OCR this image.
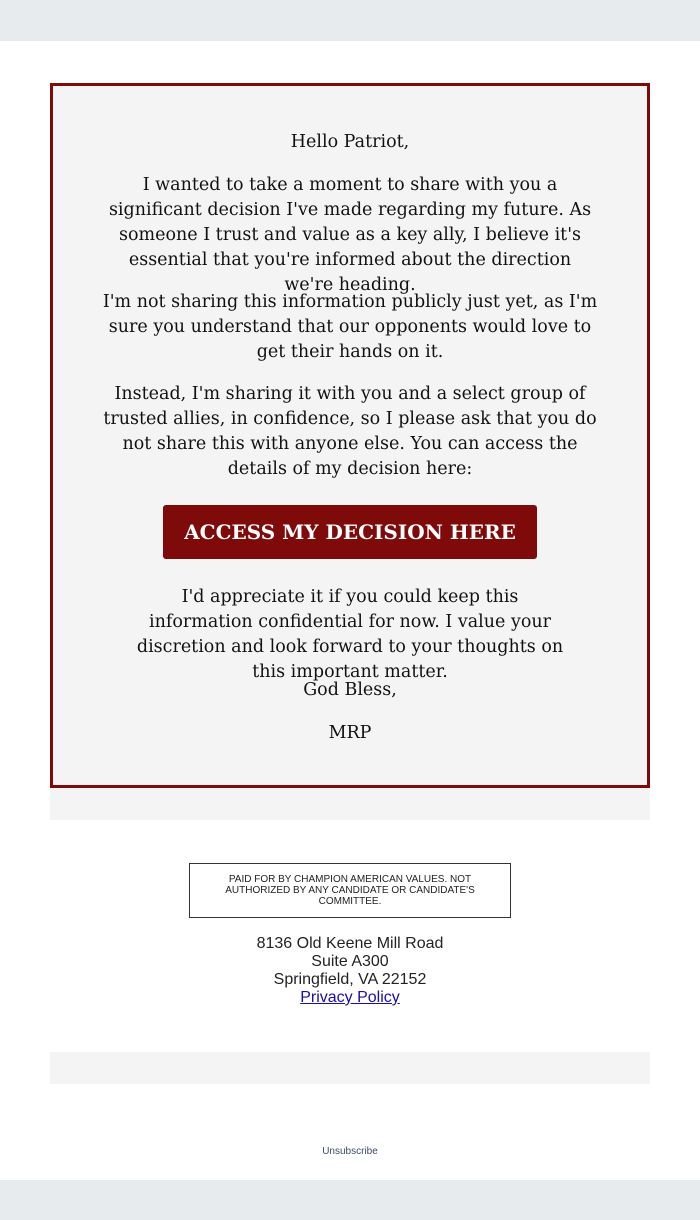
Hello Patriot,

I wanted to take a moment to share with you a significant decision I've made regarding my future. As someone I trust and value as a key ally, I believe it's essential that you're informed about the direction we're heading.

I'm not sharing this information publicly just yet, as I'm sure you understand that our opponents would love to get their hands on it.

Instead, I'm sharing it with you and a select group of trusted allies, in confidence, so I please ask that you do not share this with anyone else. You can access the details of my decision here:

ACCESS MY DECISION HERE

I'd appreciate it if you could keep this information confidential for now. I value your discretion and look forward to your thoughts on this important matter.

God Bless,

MRP

PAID FOR BY CHAMPION AMERICAN VALUES. NOT AUTHORIZED BY ANY CANDIDATE OR CANDIDATE'S COMMITTEE.
8136 Old Keene Mill Road
Suite A300
Springfield, VA 22152
Privacy Policy
Unsubscribe
